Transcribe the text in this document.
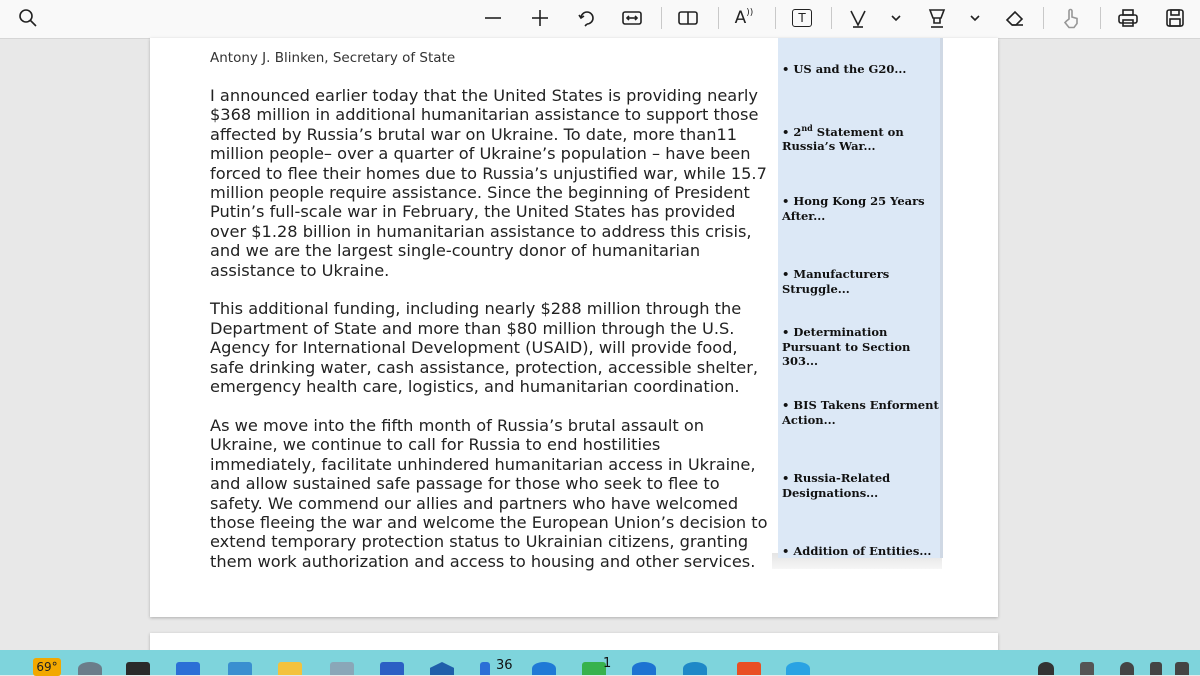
A ))	T
Antony J. Blinken, Secretary of State

I announced earlier today that the United States is providing nearly $368 million in additional humanitarian assistance to support those affected by Russia’s brutal war on Ukraine. To date, more than11 million people– over a quarter of Ukraine’s population – have been forced to flee their homes due to Russia’s unjustified war, while 15.7 million people require assistance. Since the beginning of President Putin’s full-scale war in February, the United States has provided over $1.28 billion in humanitarian assistance to address this crisis, and we are the largest single-country donor of humanitarian assistance to Ukraine.

This additional funding, including nearly $288 million through the Department of State and more than $80 million through the U.S. Agency for International Development (USAID), will provide food, safe drinking water, cash assistance, protection, accessible shelter, emergency health care, logistics, and humanitarian coordination.

As we move into the fifth month of Russia’s brutal assault on Ukraine, we continue to call for Russia to end hostilities immediately, facilitate unhindered humanitarian access in Ukraine, and allow sustained safe passage for those who seek to flee to safety. We commend our allies and partners who have welcomed those fleeing the war and welcome the European Union’s decision to extend temporary protection status to Ukrainian citizens, granting them work authorization and access to housing and other services.

• US and the G20...
• 2nd Statement on Russia’s War...
• Hong Kong 25 Years After...
• Manufacturers Struggle...
• Determination Pursuant to Section 303...
• BIS Takens Enforment Action...
• Russia-Related Designations...
• Addition of Entities...
69°	36	1
